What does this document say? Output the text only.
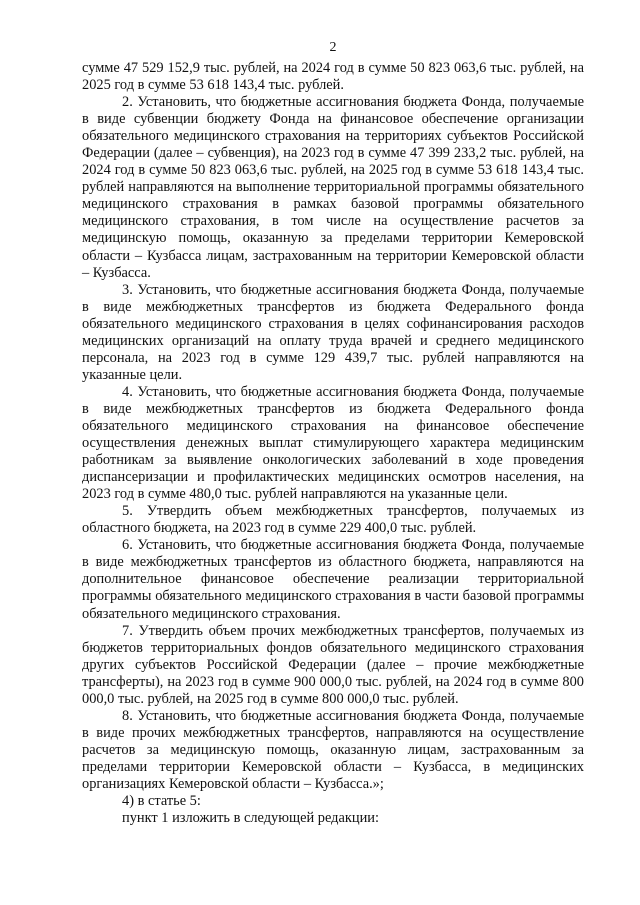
2

сумме 47 529 152,9 тыс. рублей, на 2024 год в сумме 50 823 063,6 тыс. рублей, на 2025 год в сумме 53 618 143,4 тыс. рублей.

2. Установить, что бюджетные ассигнования бюджета Фонда, получаемые в виде субвенции бюджету Фонда на финансовое обеспечение организации обязательного медицинского страхования на территориях субъектов Российской Федерации (далее – субвенция), на 2023 год в сумме 47 399 233,2 тыс. рублей, на 2024 год в сумме 50 823 063,6 тыс. рублей, на 2025 год в сумме 53 618 143,4 тыс. рублей направляются на выполнение территориальной программы обязательного медицинского страхования в рамках базовой программы обязательного медицинского страхования, в том числе на осуществление расчетов за медицинскую помощь, оказанную за пределами территории Кемеровской области – Кузбасса лицам, застрахованным на территории Кемеровской области – Кузбасса.

3. Установить, что бюджетные ассигнования бюджета Фонда, получаемые в виде межбюджетных трансфертов из бюджета Федерального фонда обязательного медицинского страхования в целях софинансирования расходов медицинских организаций на оплату труда врачей и среднего медицинского персонала, на 2023 год в сумме 129 439,7 тыс. рублей направляются на указанные цели.

4. Установить, что бюджетные ассигнования бюджета Фонда, получаемые в виде межбюджетных трансфертов из бюджета Федерального фонда обязательного медицинского страхования на финансовое обеспечение осуществления денежных выплат стимулирующего характера медицинским работникам за выявление онкологических заболеваний в ходе проведения диспансеризации и профилактических медицинских осмотров населения, на 2023 год в сумме 480,0 тыс. рублей направляются на указанные цели.

5. Утвердить объем межбюджетных трансфертов, получаемых из областного бюджета, на 2023 год в сумме 229 400,0 тыс. рублей.

6. Установить, что бюджетные ассигнования бюджета Фонда, получаемые в виде межбюджетных трансфертов из областного бюджета, направляются на дополнительное финансовое обеспечение реализации территориальной программы обязательного медицинского страхования в части базовой программы обязательного медицинского страхования.

7. Утвердить объем прочих межбюджетных трансфертов, получаемых из бюджетов территориальных фондов обязательного медицинского страхования других субъектов Российской Федерации (далее – прочие межбюджетные трансферты), на 2023 год в сумме 900 000,0 тыс. рублей, на 2024 год в сумме 800 000,0 тыс. рублей, на 2025 год в сумме 800 000,0 тыс. рублей.

8. Установить, что бюджетные ассигнования бюджета Фонда, получаемые в виде прочих межбюджетных трансфертов, направляются на осуществление расчетов за медицинскую помощь, оказанную лицам, застрахованным за пределами территории Кемеровской области – Кузбасса, в медицинских организациях Кемеровской области – Кузбасса.»;

4) в статье 5:

пункт 1 изложить в следующей редакции:
